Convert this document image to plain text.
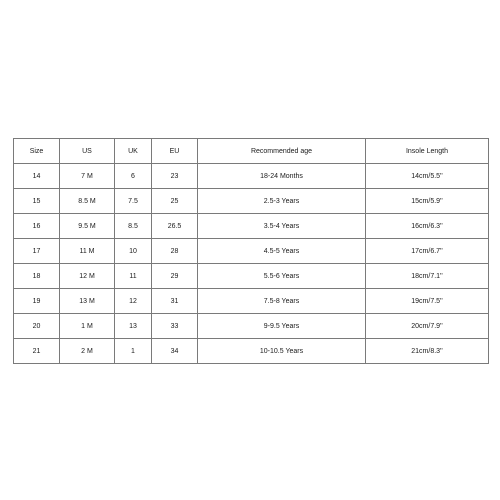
Size	US	UK	EU	Recommended age	Insole Length
14	7 M	6	23	18-24 Months	14cm/5.5''
15	8.5 M	7.5	25	2.5-3 Years	15cm/5.9''
16	9.5 M	8.5	26.5	3.5-4 Years	16cm/6.3''
17	11 M	10	28	4.5-5 Years	17cm/6.7''
18	12 M	11	29	5.5-6 Years	18cm/7.1''
19	13 M	12	31	7.5-8 Years	19cm/7.5''
20	1 M	13	33	9-9.5 Years	20cm/7.9''
21	2 M	1	34	10-10.5 Years	21cm/8.3''
